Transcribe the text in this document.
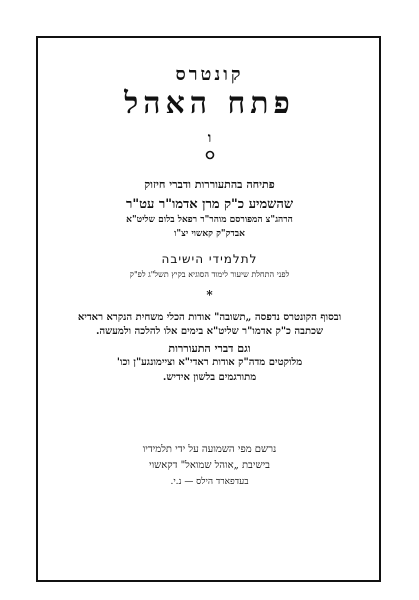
קונטרס
פתח האהל
ו
פתיחה בהתעוררות ודברי חיזוק
שהשמיע כ"ק מרן אדמו"ר עט"ר
הרהג"צ המפורסם מוהר"ר רפאל בלום שליט"א
אבדק"ק קאשוי יצ"ו
לתלמידי הישיבה
לפני התחלת שיעור לימוד הסוגיא בקיץ תשל"ג לפ"ק
*
ובסוף הקונטרס נדפסה „תשובה" אודות הכלי משחית הנקרא ראדיא
שכתבה כ"ק אדמו"ר שליט"א בימים אלו להלכה ולמעשה.
וגם דברי התעוררות
מלוקטים מדה"ק אודות ראדי"א וציימונגע"ן וכו'
מתורגמים בלשון אידיש.
נרשם מפי השמועה על ידי תלמידיו
בישיבת „אוהל שמואל" דקאשוי
בעדפארד הילס — נ.י.
